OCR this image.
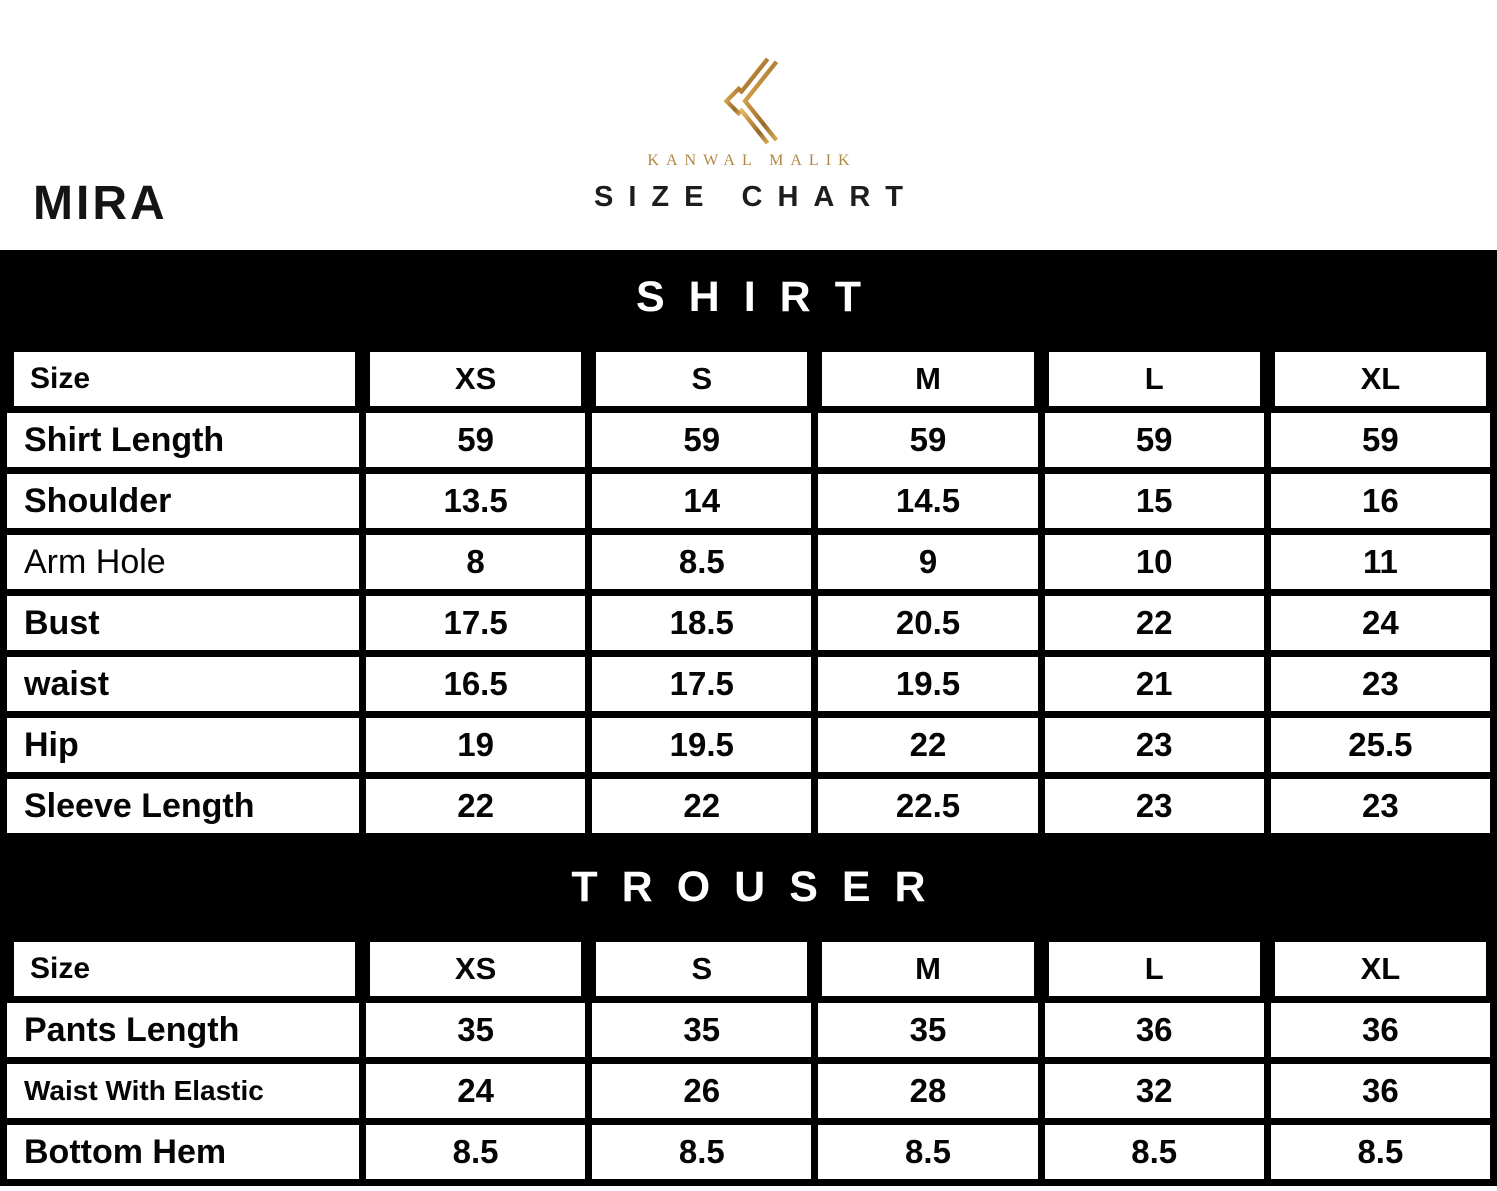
MIRA
KANWAL MALIK
SIZE CHART
SHIRT
Size	XS	S	M	L	XL
Shirt Length	59	59	59	59	59
Shoulder	13.5	14	14.5	15	16
Arm Hole	8	8.5	9	10	11
Bust	17.5	18.5	20.5	22	24
waist	16.5	17.5	19.5	21	23
Hip	19	19.5	22	23	25.5
Sleeve Length	22	22	22.5	23	23
TROUSER
Size	XS	S	M	L	XL
Pants Length	35	35	35	36	36
Waist With Elastic	24	26	28	32	36
Bottom Hem	8.5	8.5	8.5	8.5	8.5
